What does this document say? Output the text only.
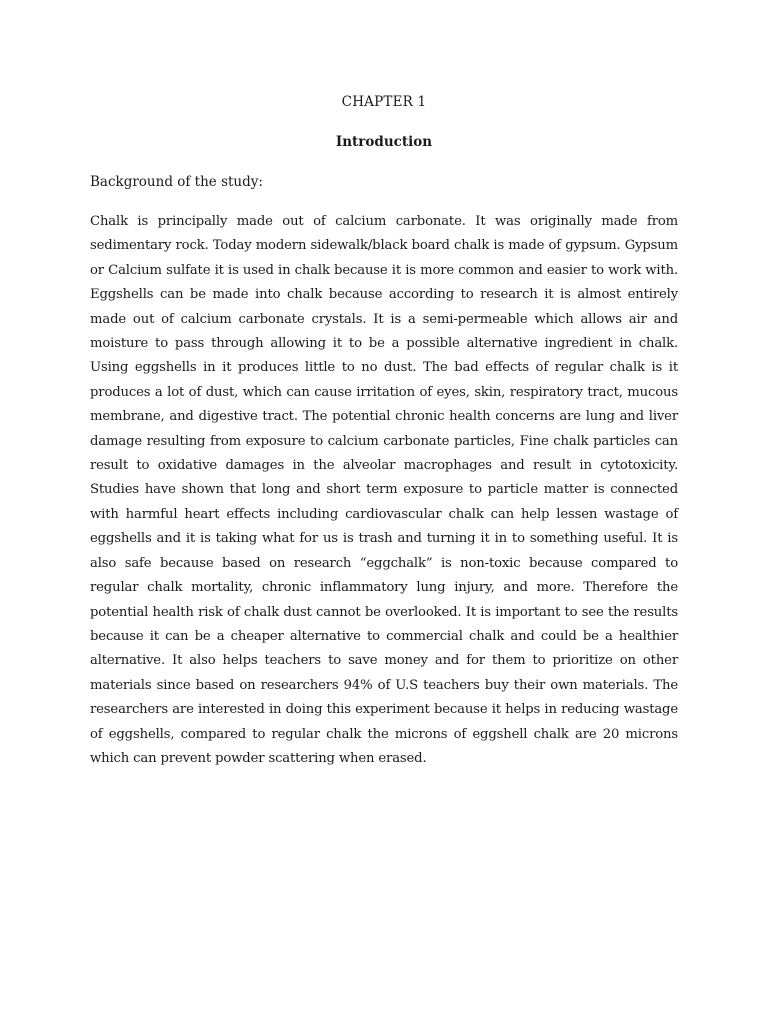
CHAPTER 1
Introduction
Background of the study:

Chalk is principally made out of calcium carbonate. It was originally made from sedimentary rock. Today modern sidewalk/black board chalk is made of gypsum. Gypsum or Calcium sulfate it is used in chalk because it is more common and easier to work with. Eggshells can be made into chalk because according to research it is almost entirely made out of calcium carbonate crystals. It is a semi-permeable which allows air and moisture to pass through allowing it to be a possible alternative ingredient in chalk. Using eggshells in it produces little to no dust. The bad effects of regular chalk is it produces a lot of dust, which can cause irritation of eyes, skin, respiratory tract, mucous membrane, and digestive tract. The potential chronic health concerns are lung and liver damage resulting from exposure to calcium carbonate particles, Fine chalk particles can result to oxidative damages in the alveolar macrophages and result in cytotoxicity. Studies have shown that long and short term exposure to particle matter is connected with harmful heart effects including cardiovascular chalk can help lessen wastage of eggshells and it is taking what for us is trash and turning it in to something useful. It is also safe because based on research “eggchalk” is non-toxic because compared to regular chalk mortality, chronic inflammatory lung injury, and more. Therefore the potential health risk of chalk dust cannot be overlooked. It is important to see the results because it can be a cheaper alternative to commercial chalk and could be a healthier alternative. It also helps teachers to save money and for them to prioritize on other materials since based on researchers 94% of U.S teachers buy their own materials. The researchers are interested in doing this experiment because it helps in reducing wastage of eggshells, compared to regular chalk the microns of eggshell chalk are 20 microns which can prevent powder scattering when erased.
